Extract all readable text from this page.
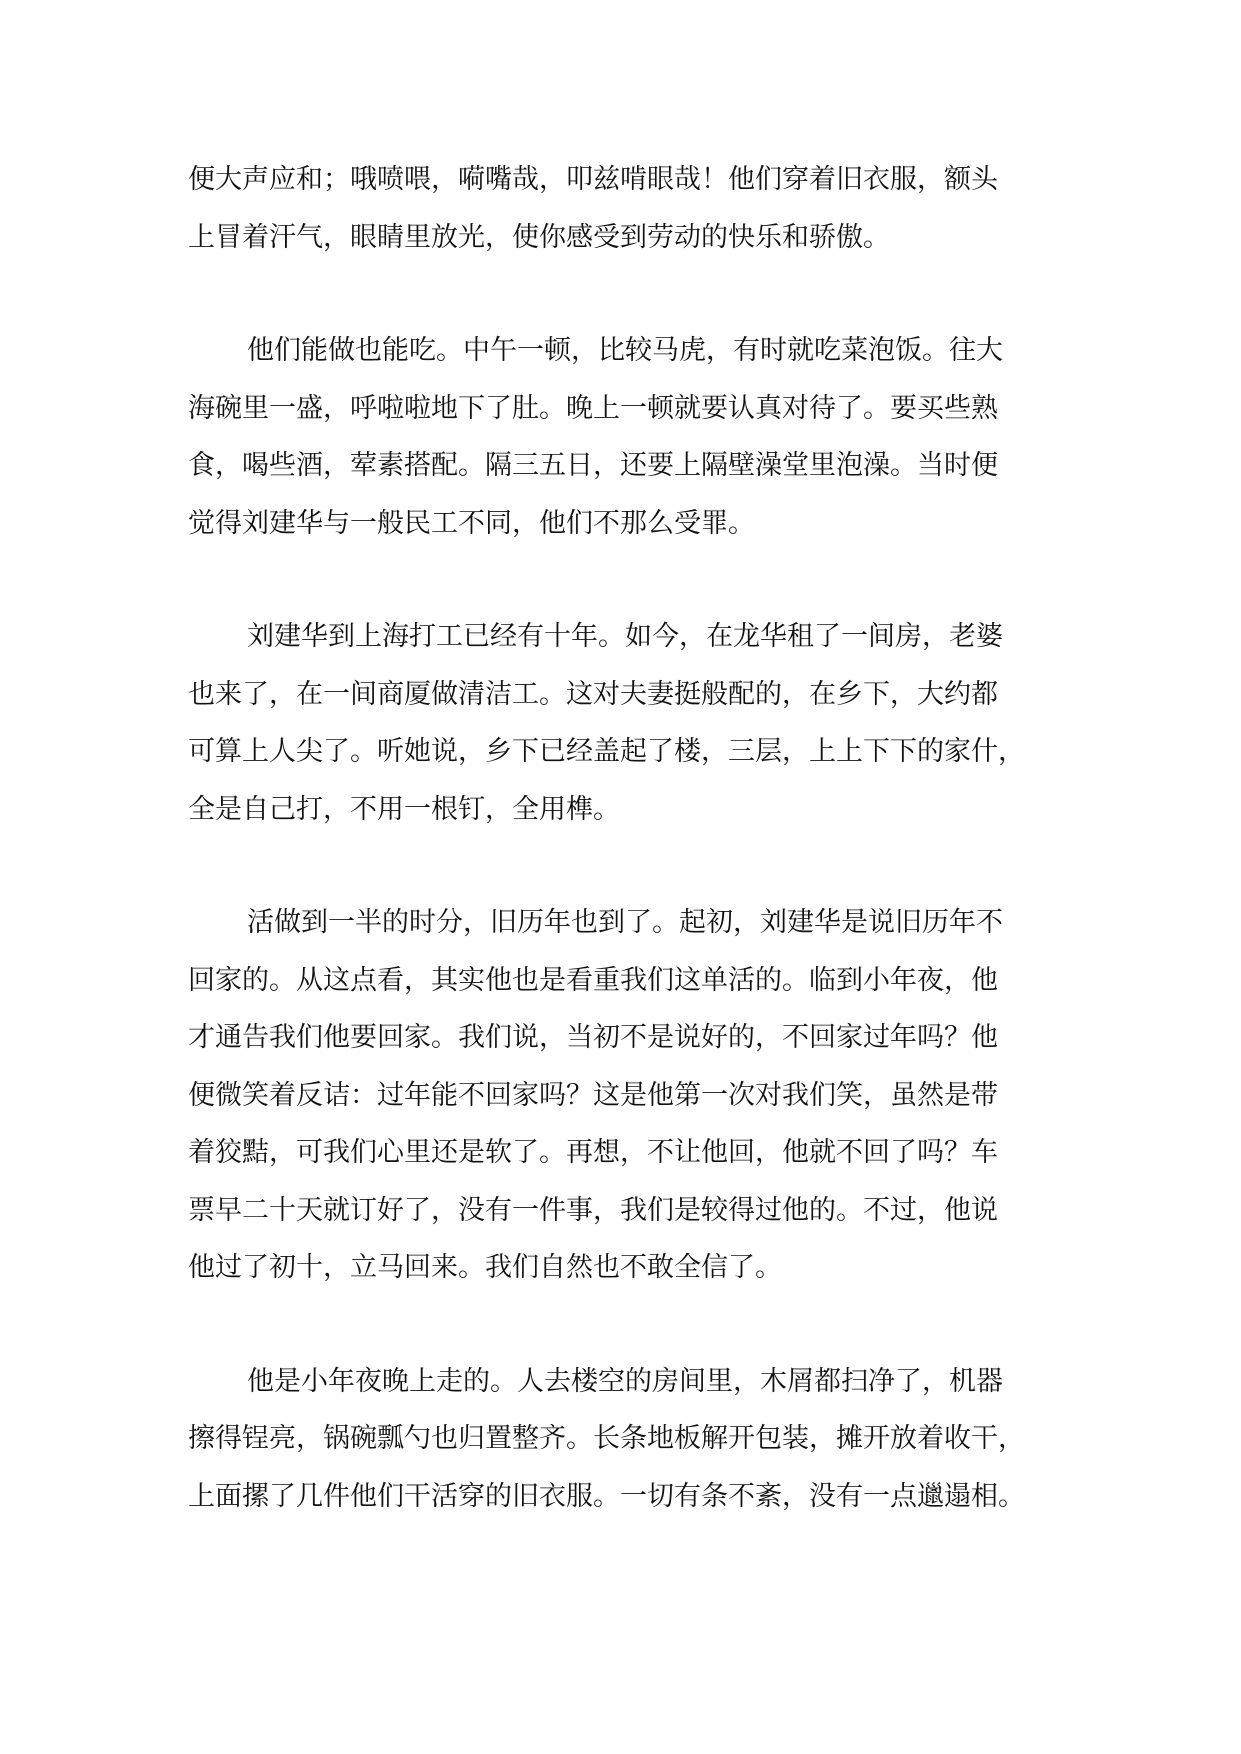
便大声应和；哦喷喂，嗬嘴哉，叩兹啃眼哉！他们穿着旧衣服，额头
上冒着汗气，眼睛里放光，使你感受到劳动的快乐和骄傲。
他们能做也能吃。中午一顿，比较马虎，有时就吃菜泡饭。往大
海碗里一盛，呼啦啦地下了肚。晚上一顿就要认真对待了。要买些熟
食，喝些酒，荤素搭配。隔三五日，还要上隔壁澡堂里泡澡。当时便
觉得刘建华与一般民工不同，他们不那么受罪。
刘建华到上海打工已经有十年。如今，在龙华租了一间房，老婆
也来了，在一间商厦做清洁工。这对夫妻挺般配的，在乡下，大约都
可算上人尖了。听她说，乡下已经盖起了楼，三层，上上下下的家什，
全是自己打，不用一根钉，全用榫。
活做到一半的时分，旧历年也到了。起初，刘建华是说旧历年不
回家的。从这点看，其实他也是看重我们这单活的。临到小年夜，他
才通告我们他要回家。我们说，当初不是说好的，不回家过年吗？他
便微笑着反诘：过年能不回家吗？这是他第一次对我们笑，虽然是带
着狡黠，可我们心里还是软了。再想，不让他回，他就不回了吗？车
票早二十天就订好了，没有一件事，我们是较得过他的。不过，他说
他过了初十，立马回来。我们自然也不敢全信了。
他是小年夜晚上走的。人去楼空的房间里，木屑都扫净了，机器
擦得锃亮，锅碗瓢勺也归置整齐。长条地板解开包装，摊开放着收干，
上面摞了几件他们干活穿的旧衣服。一切有条不紊，没有一点邋遢相。
